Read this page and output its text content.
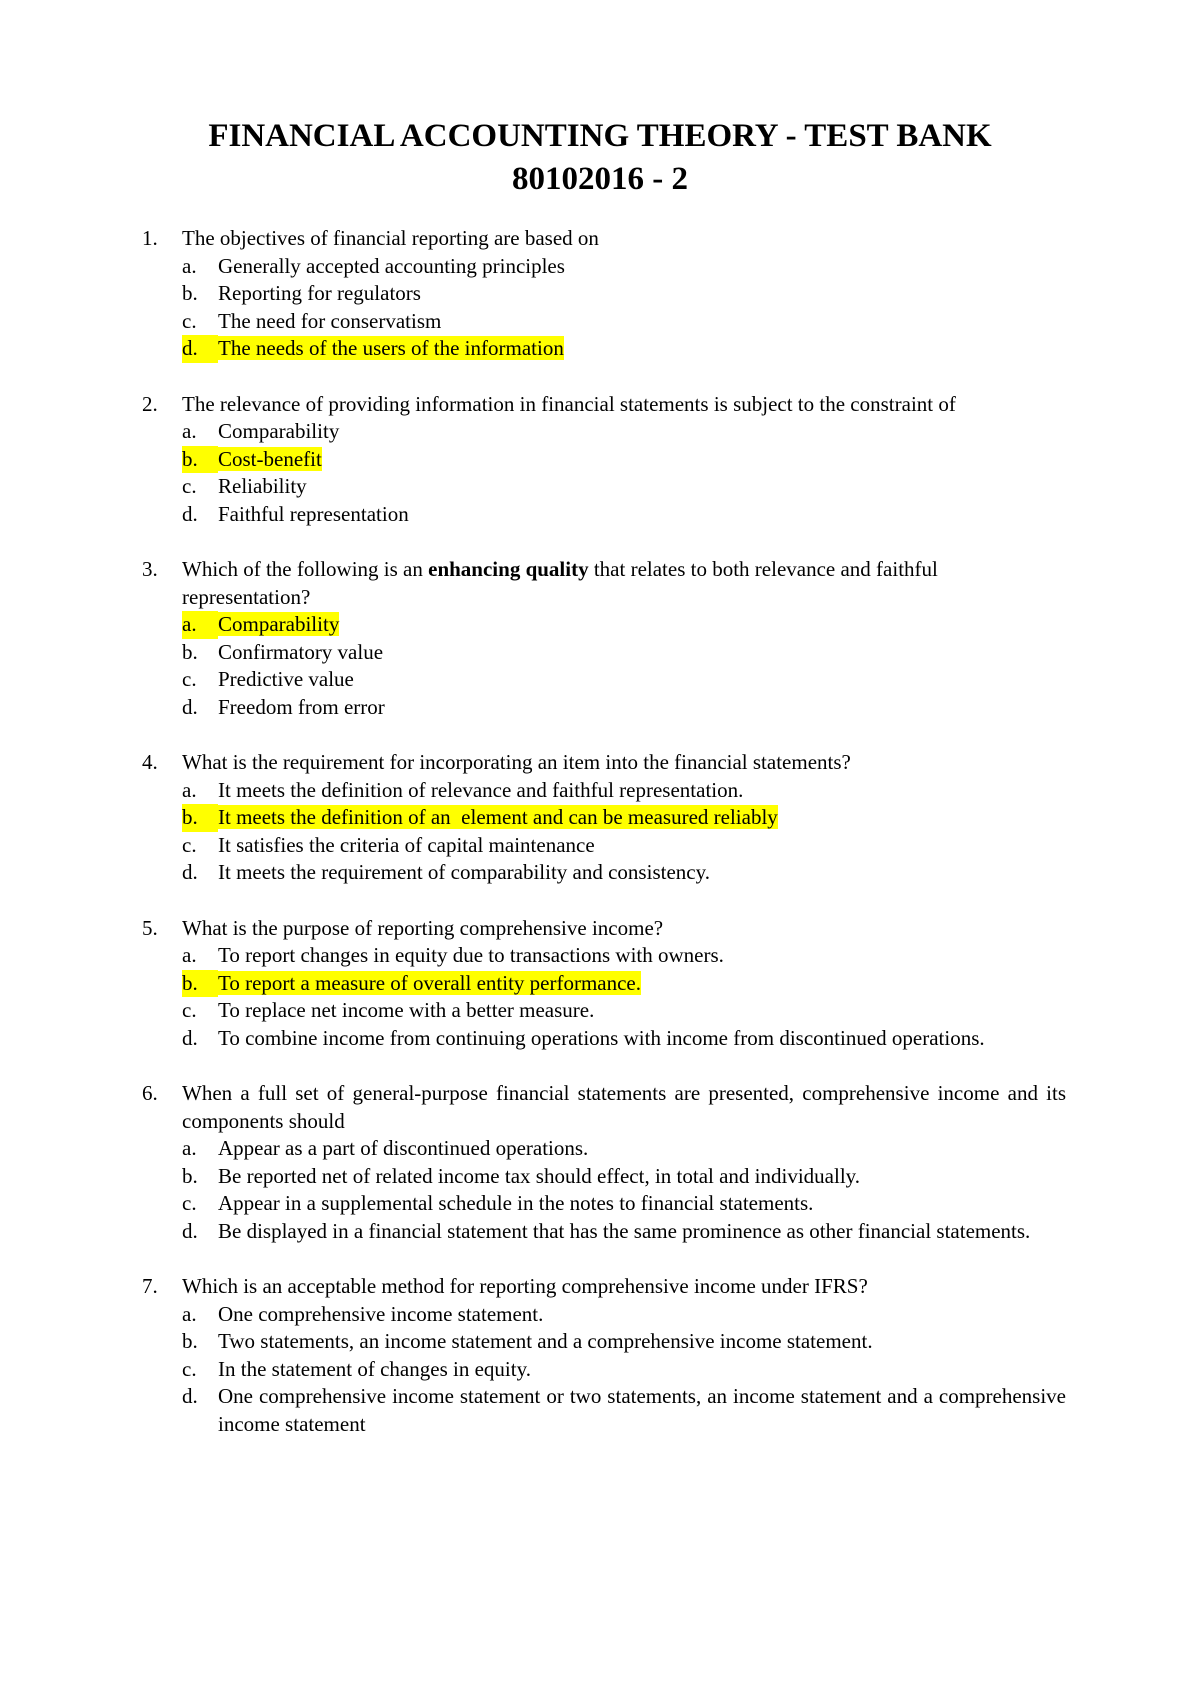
FINANCIAL ACCOUNTING THEORY - TEST BANK
80102016 - 2
1. The objectives of financial reporting are based on
a. Generally accepted accounting principles
b. Reporting for regulators
c. The need for conservatism
d. The needs of the users of the information
2. The relevance of providing information in financial statements is subject to the constraint of
a. Comparability
b. Cost-benefit
c. Reliability
d. Faithful representation
3. Which of the following is an enhancing quality that relates to both relevance and faithful representation?
a.	Comparability
b. Confirmatory value
c. Predictive value
d. Freedom from error
4. What is the requirement for incorporating an item into the financial statements?
a. It meets the definition of relevance and faithful representation.
b. It meets the definition of an  element and can be measured reliably
c. It satisfies the criteria of capital maintenance
d. It meets the requirement of comparability and consistency.
5. What is the purpose of reporting comprehensive income?
a. To report changes in equity due to transactions with owners.
b. To report a measure of overall entity performance.
c. To replace net income with a better measure.
d. To combine income from continuing operations with income from discontinued operations.
6. When a full set of general-purpose financial statements are presented, comprehensive income and its components should
a. Appear as a part of discontinued operations.
b. Be reported net of related income tax should effect, in total and individually.
c. Appear in a supplemental schedule in the notes to financial statements.
d. Be displayed in a financial statement that has the same prominence as other financial statements.
7. Which is an acceptable method for reporting comprehensive income under IFRS?
a. One comprehensive income statement.
b. Two statements, an income statement and a comprehensive income statement.
c. In the statement of changes in equity.
d. One comprehensive income statement or two statements, an income statement and a comprehensive income statement
